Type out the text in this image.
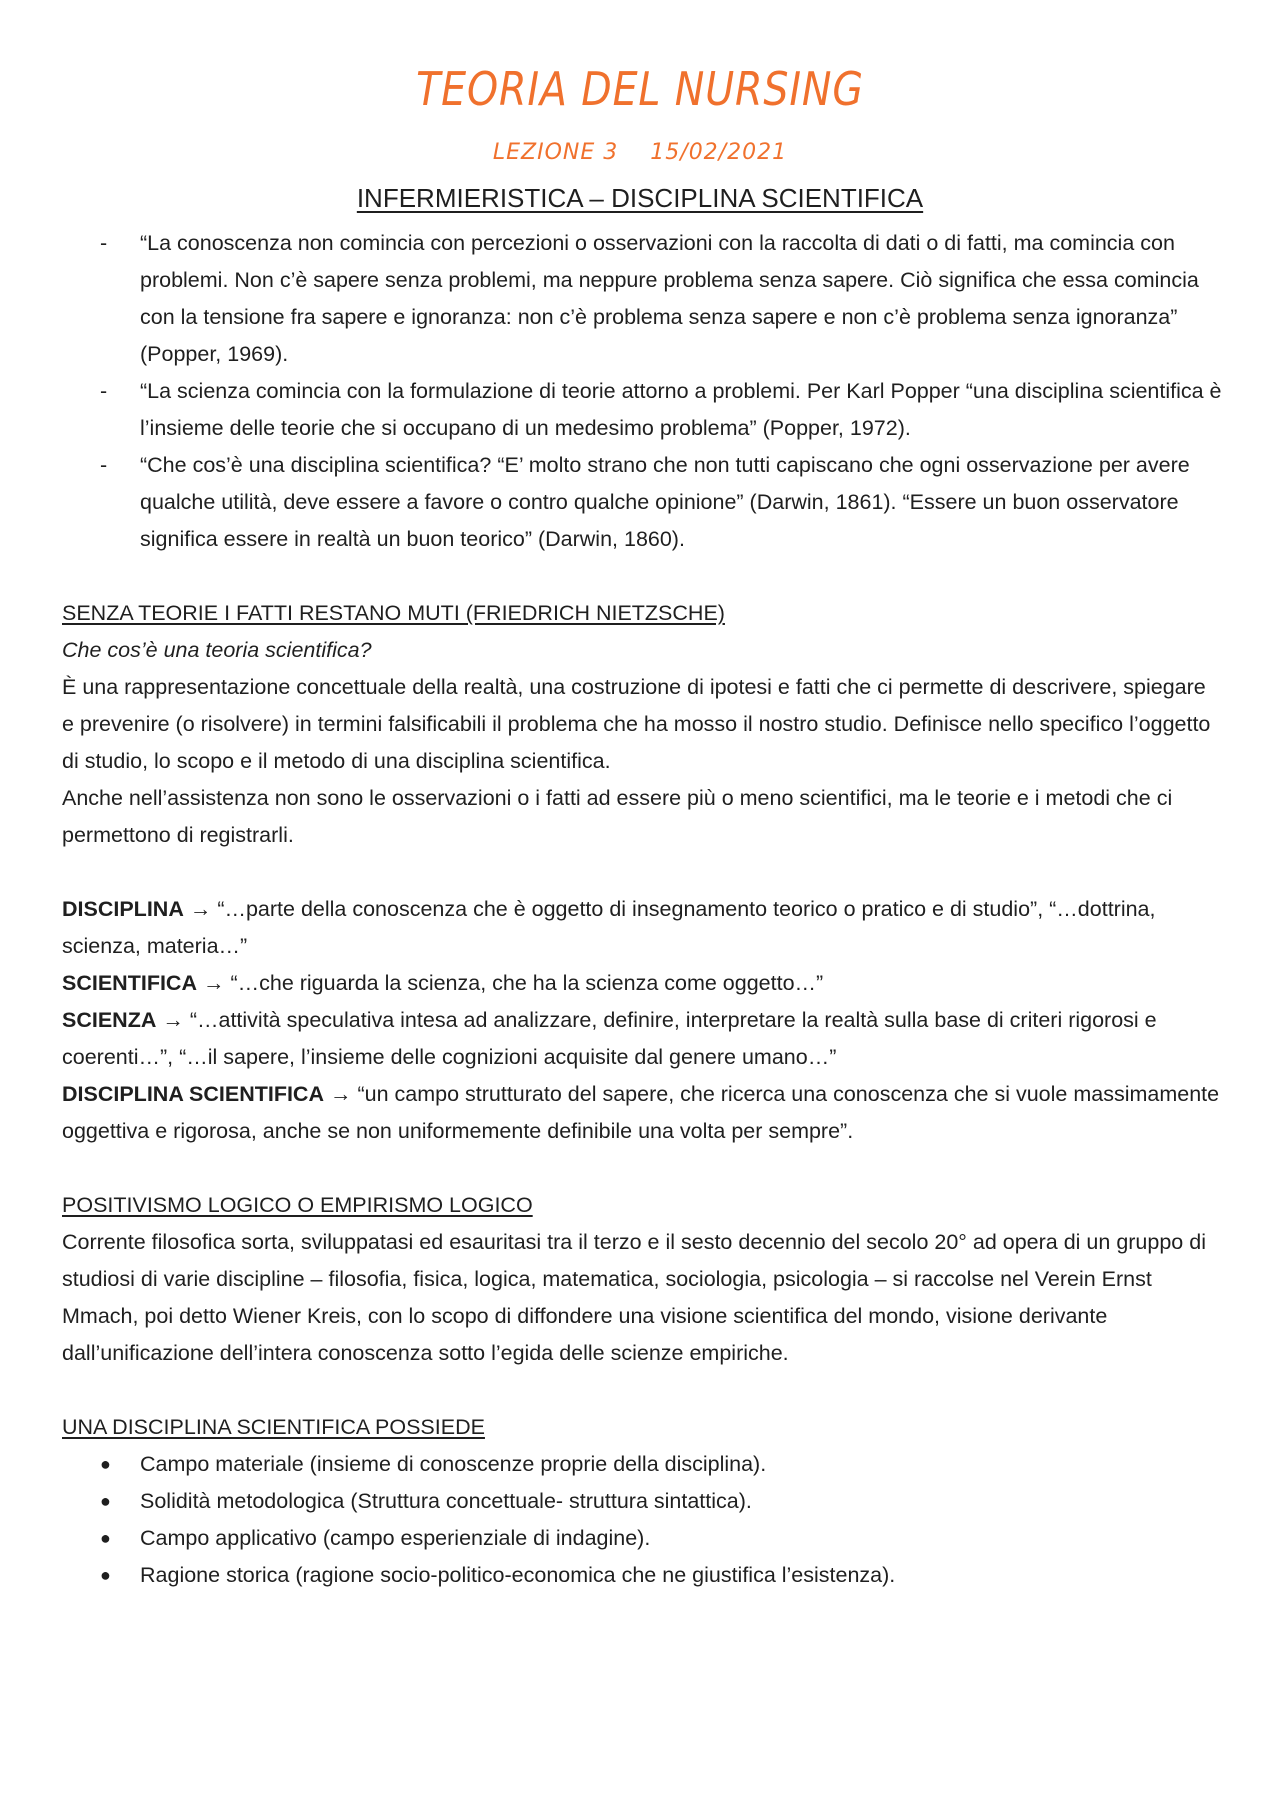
TEORIA DEL NURSING
LEZIONE 3 15/02/2021
INFERMIERISTICA – DISCIPLINA SCIENTIFICA
- “La conoscenza non comincia con percezioni o osservazioni con la raccolta di dati o di fatti, ma comincia con problemi. Non c’è sapere senza problemi, ma neppure problema senza sapere. Ciò significa che essa comincia con la tensione fra sapere e ignoranza: non c’è problema senza sapere e non c’è problema senza ignoranza” (Popper, 1969).
- “La scienza comincia con la formulazione di teorie attorno a problemi. Per Karl Popper “una disciplina scientifica è l’insieme delle teorie che si occupano di un medesimo problema” (Popper, 1972).
- “Che cos’è una disciplina scientifica? “E’ molto strano che non tutti capiscano che ogni osservazione per avere qualche utilità, deve essere a favore o contro qualche opinione” (Darwin, 1861). “Essere un buon osservatore significa essere in realtà un buon teorico” (Darwin, 1860).

SENZA TEORIE I FATTI RESTANO MUTI (FRIEDRICH NIETZSCHE)

Che cos’è una teoria scientifica?

È una rappresentazione concettuale della realtà, una costruzione di ipotesi e fatti che ci permette di descrivere, spiegare e prevenire (o risolvere) in termini falsificabili il problema che ha mosso il nostro studio. Definisce nello specifico l’oggetto di studio, lo scopo e il metodo di una disciplina scientifica.

Anche nell’assistenza non sono le osservazioni o i fatti ad essere più o meno scientifici, ma le teorie e i metodi che ci permettono di registrarli.

DISCIPLINA → “…parte della conoscenza che è oggetto di insegnamento teorico o pratico e di studio”, “…dottrina, scienza, materia…”

SCIENTIFICA → “…che riguarda la scienza, che ha la scienza come oggetto…”

SCIENZA → “…attività speculativa intesa ad analizzare, definire, interpretare la realtà sulla base di criteri rigorosi e coerenti…”, “…il sapere, l’insieme delle cognizioni acquisite dal genere umano…”

DISCIPLINA SCIENTIFICA → “un campo strutturato del sapere, che ricerca una conoscenza che si vuole massimamente oggettiva e rigorosa, anche se non uniformemente definibile una volta per sempre”.

POSITIVISMO LOGICO O EMPIRISMO LOGICO

Corrente filosofica sorta, sviluppatasi ed esauritasi tra il terzo e il sesto decennio del secolo 20° ad opera di un gruppo di studiosi di varie discipline – filosofia, fisica, logica, matematica, sociologia, psicologia – si raccolse nel Verein Ernst Mmach, poi detto Wiener Kreis, con lo scopo di diffondere una visione scientifica del mondo, visione derivante dall’unificazione dell’intera conoscenza sotto l’egida delle scienze empiriche.

UNA DISCIPLINA SCIENTIFICA POSSIEDE

● Campo materiale (insieme di conoscenze proprie della disciplina).
● Solidità metodologica (Struttura concettuale- struttura sintattica).
● Campo applicativo (campo esperienziale di indagine).
● Ragione storica (ragione socio-politico-economica che ne giustifica l’esistenza).
